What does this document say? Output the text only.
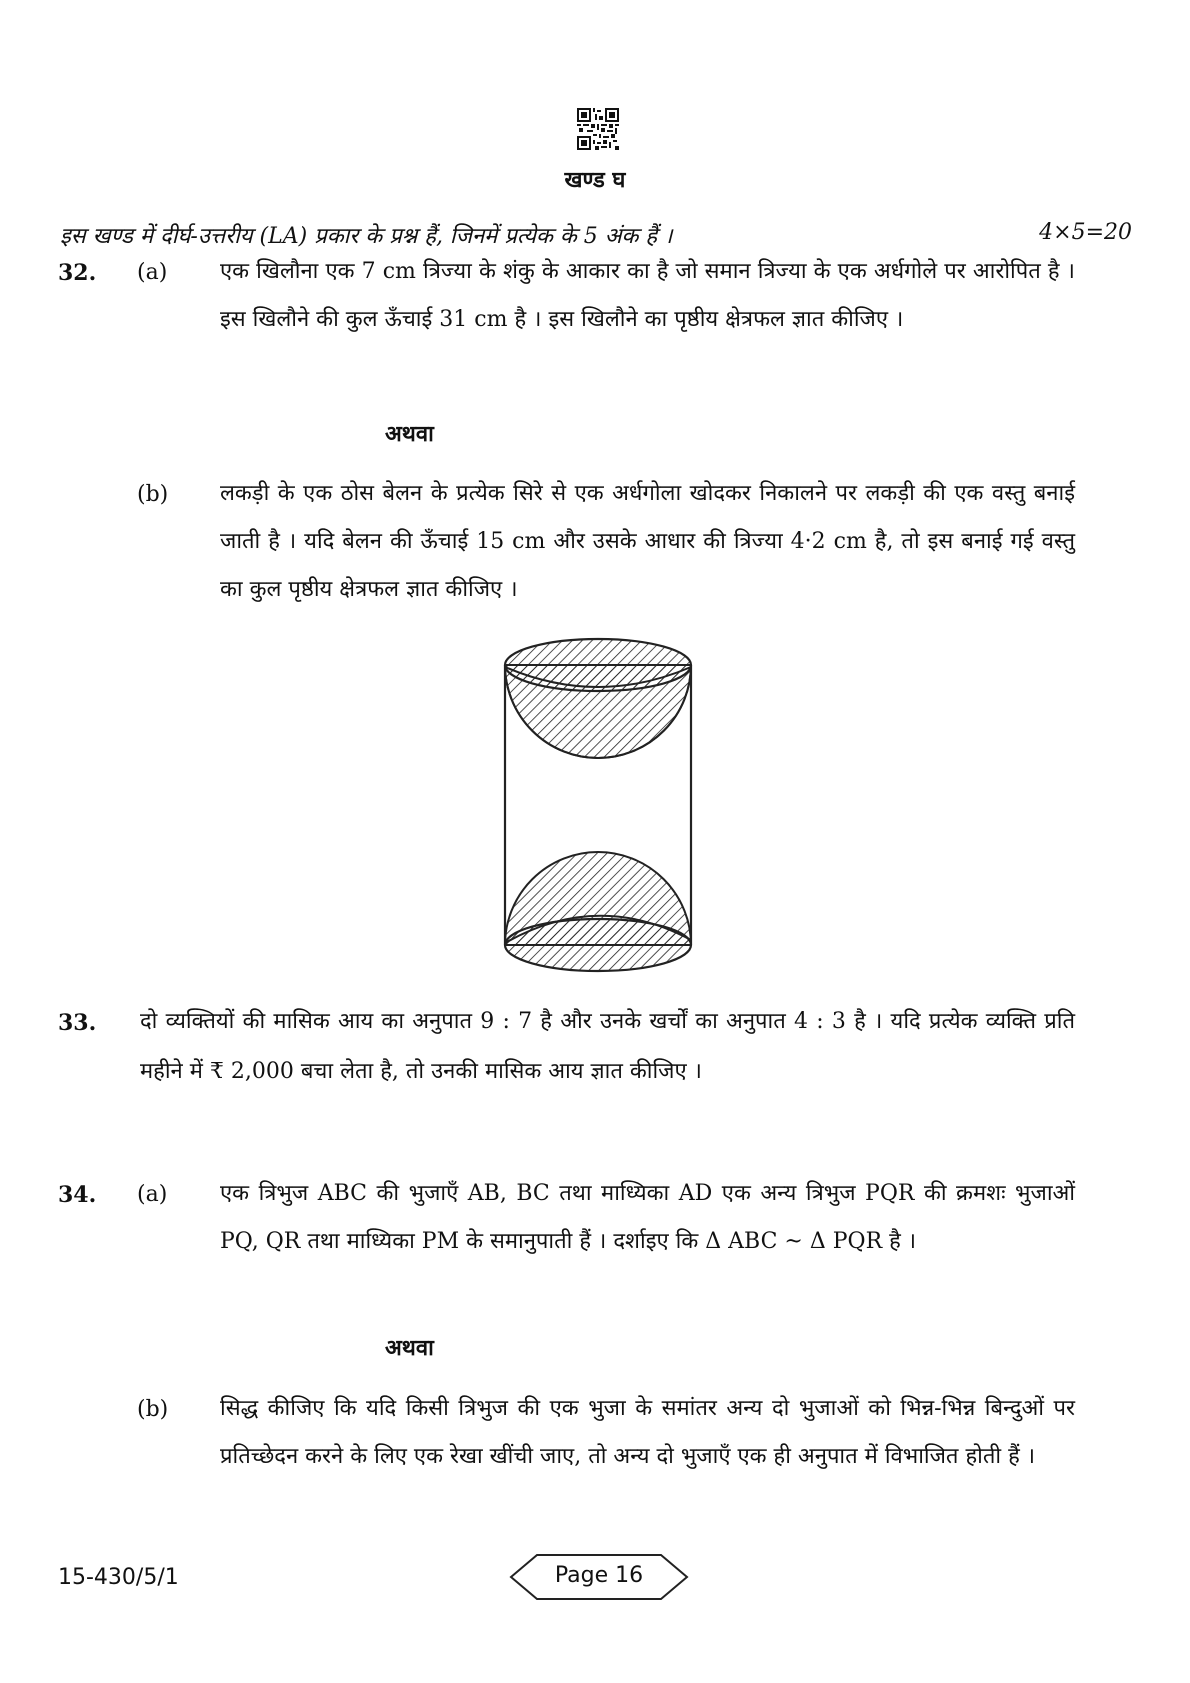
खण्ड घ
इस खण्ड में दीर्घ-उत्तरीय (LA) प्रकार के प्रश्न हैं, जिनमें प्रत्येक के 5 अंक हैं ।	4×5=20
32. (a) एक खिलौना एक 7 cm त्रिज्या के शंकु के आकार का है जो समान त्रिज्या के एक अर्धगोले पर आरोपित है । इस खिलौने की कुल ऊँचाई 31 cm है । इस खिलौने का पृष्ठीय क्षेत्रफल ज्ञात कीजिए ।
अथवा
(b) लकड़ी के एक ठोस बेलन के प्रत्येक सिरे से एक अर्धगोला खोदकर निकालने पर लकड़ी की एक वस्तु बनाई जाती है । यदि बेलन की ऊँचाई 15 cm और उसके आधार की त्रिज्या 4·2 cm है, तो इस बनाई गई वस्तु का कुल पृष्ठीय क्षेत्रफल ज्ञात कीजिए ।
33. दो व्यक्तियों की मासिक आय का अनुपात 9 : 7 है और उनके खर्चों का अनुपात 4 : 3 है । यदि प्रत्येक व्यक्ति प्रति महीने में ₹ 2,000 बचा लेता है, तो उनकी मासिक आय ज्ञात कीजिए ।
34. (a) एक त्रिभुज ABC की भुजाएँ AB, BC तथा माध्यिका AD एक अन्य त्रिभुज PQR की क्रमशः भुजाओं PQ, QR तथा माध्यिका PM के समानुपाती हैं । दर्शाइए कि Δ ABC ~ Δ PQR है ।
अथवा
(b) सिद्ध कीजिए कि यदि किसी त्रिभुज की एक भुजा के समांतर अन्य दो भुजाओं को भिन्न-भिन्न बिन्दुओं पर प्रतिच्छेदन करने के लिए एक रेखा खींची जाए, तो अन्य दो भुजाएँ एक ही अनुपात में विभाजित होती हैं ।
15-430/5/1	Page 16
